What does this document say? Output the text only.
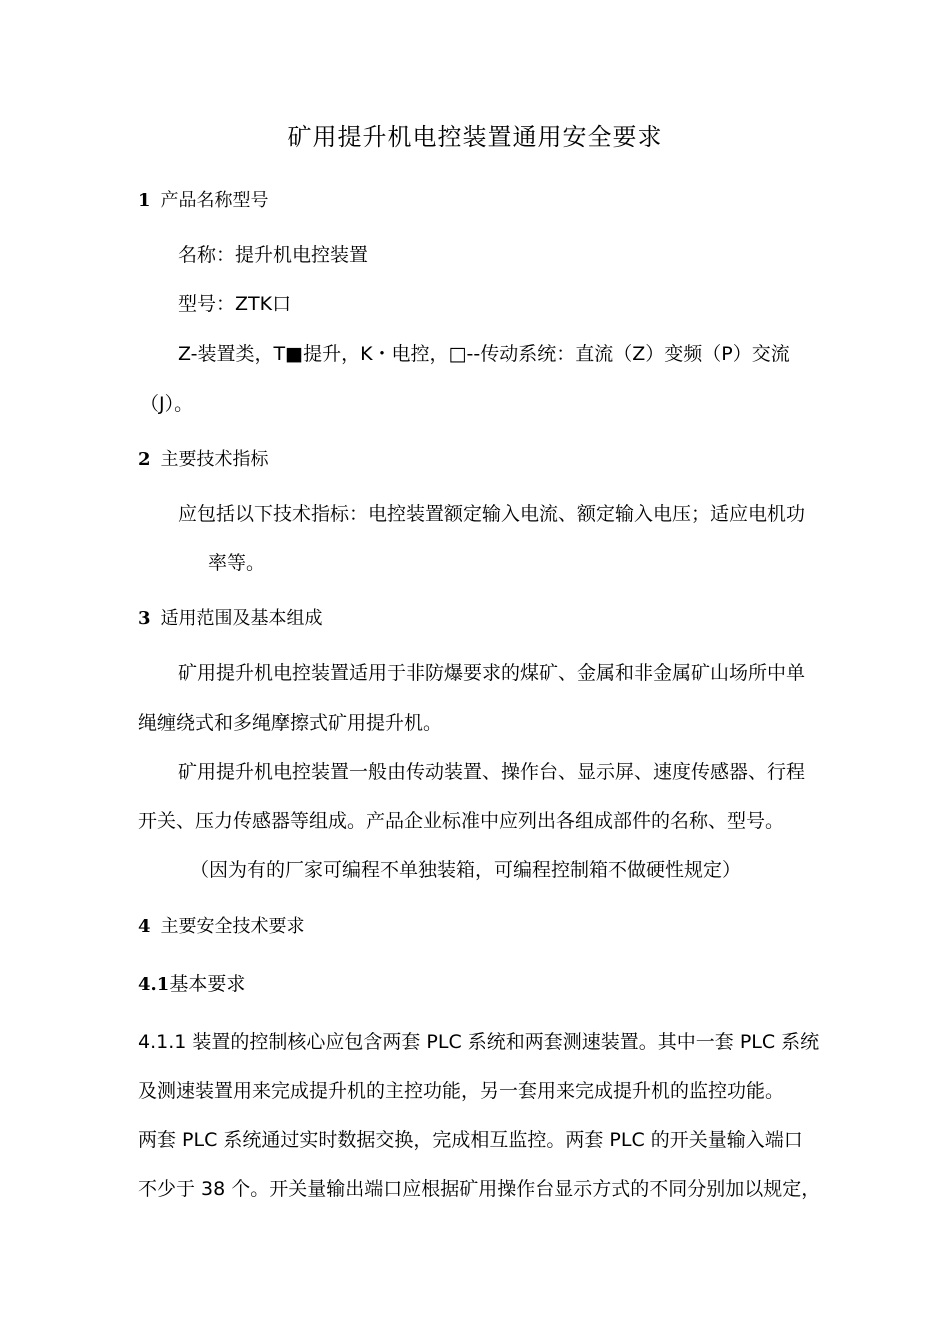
矿用提升机电控装置通用安全要求
1 产品名称型号
名称：提升机电控装置
型号：ZTK口
Z-装置类，T■提升，K・电控，□--传动系统：直流（Z）变频（P）交流
（J）。
2 主要技术指标
应包括以下技术指标：电控装置额定输入电流、额定输入电压；适应电机功
率等。
3 适用范围及基本组成
矿用提升机电控装置适用于非防爆要求的煤矿、金属和非金属矿山场所中单
绳缠绕式和多绳摩擦式矿用提升机。
矿用提升机电控装置一般由传动装置、操作台、显示屏、速度传感器、行程
开关、压力传感器等组成。产品企业标准中应列出各组成部件的名称、型号。
（因为有的厂家可编程不单独装箱，可编程控制箱不做硬性规定）
4 主要安全技术要求
4.1基本要求
4.1.1 装置的控制核心应包含两套 PLC 系统和两套测速装置。其中一套 PLC 系统
及测速装置用来完成提升机的主控功能，另一套用来完成提升机的监控功能。
两套 PLC 系统通过实时数据交换，完成相互监控。两套 PLC 的开关量输入端口
不少于 38 个。开关量输出端口应根据矿用操作台显示方式的不同分别加以规定，
